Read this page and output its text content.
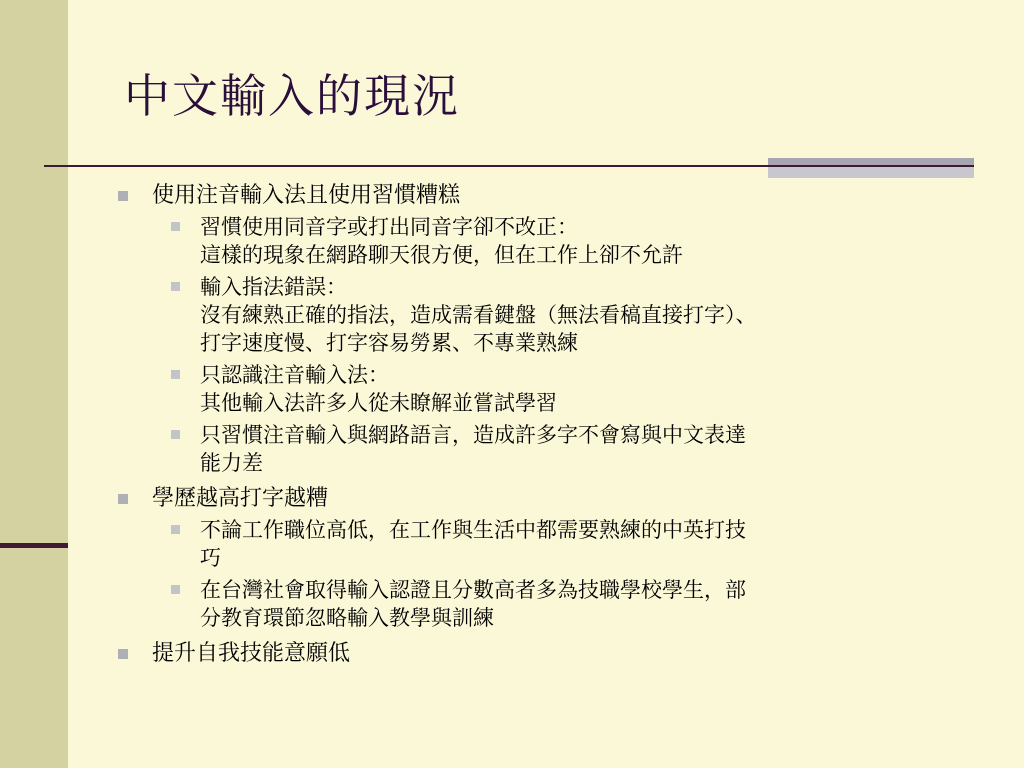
中文輸入的現況
使用注音輸入法且使用習慣糟糕
習慣使用同音字或打出同音字卻不改正：
這樣的現象在網路聊天很方便，但在工作上卻不允許
輸入指法錯誤：
沒有練熟正確的指法，造成需看鍵盤（無法看稿直接打字）、
打字速度慢、打字容易勞累、不專業熟練
只認識注音輸入法：
其他輸入法許多人從未瞭解並嘗試學習
只習慣注音輸入與網路語言，造成許多字不會寫與中文表達
能力差
學歷越高打字越糟
不論工作職位高低，在工作與生活中都需要熟練的中英打技
巧
在台灣社會取得輸入認證且分數高者多為技職學校學生，部
分教育環節忽略輸入教學與訓練
提升自我技能意願低
